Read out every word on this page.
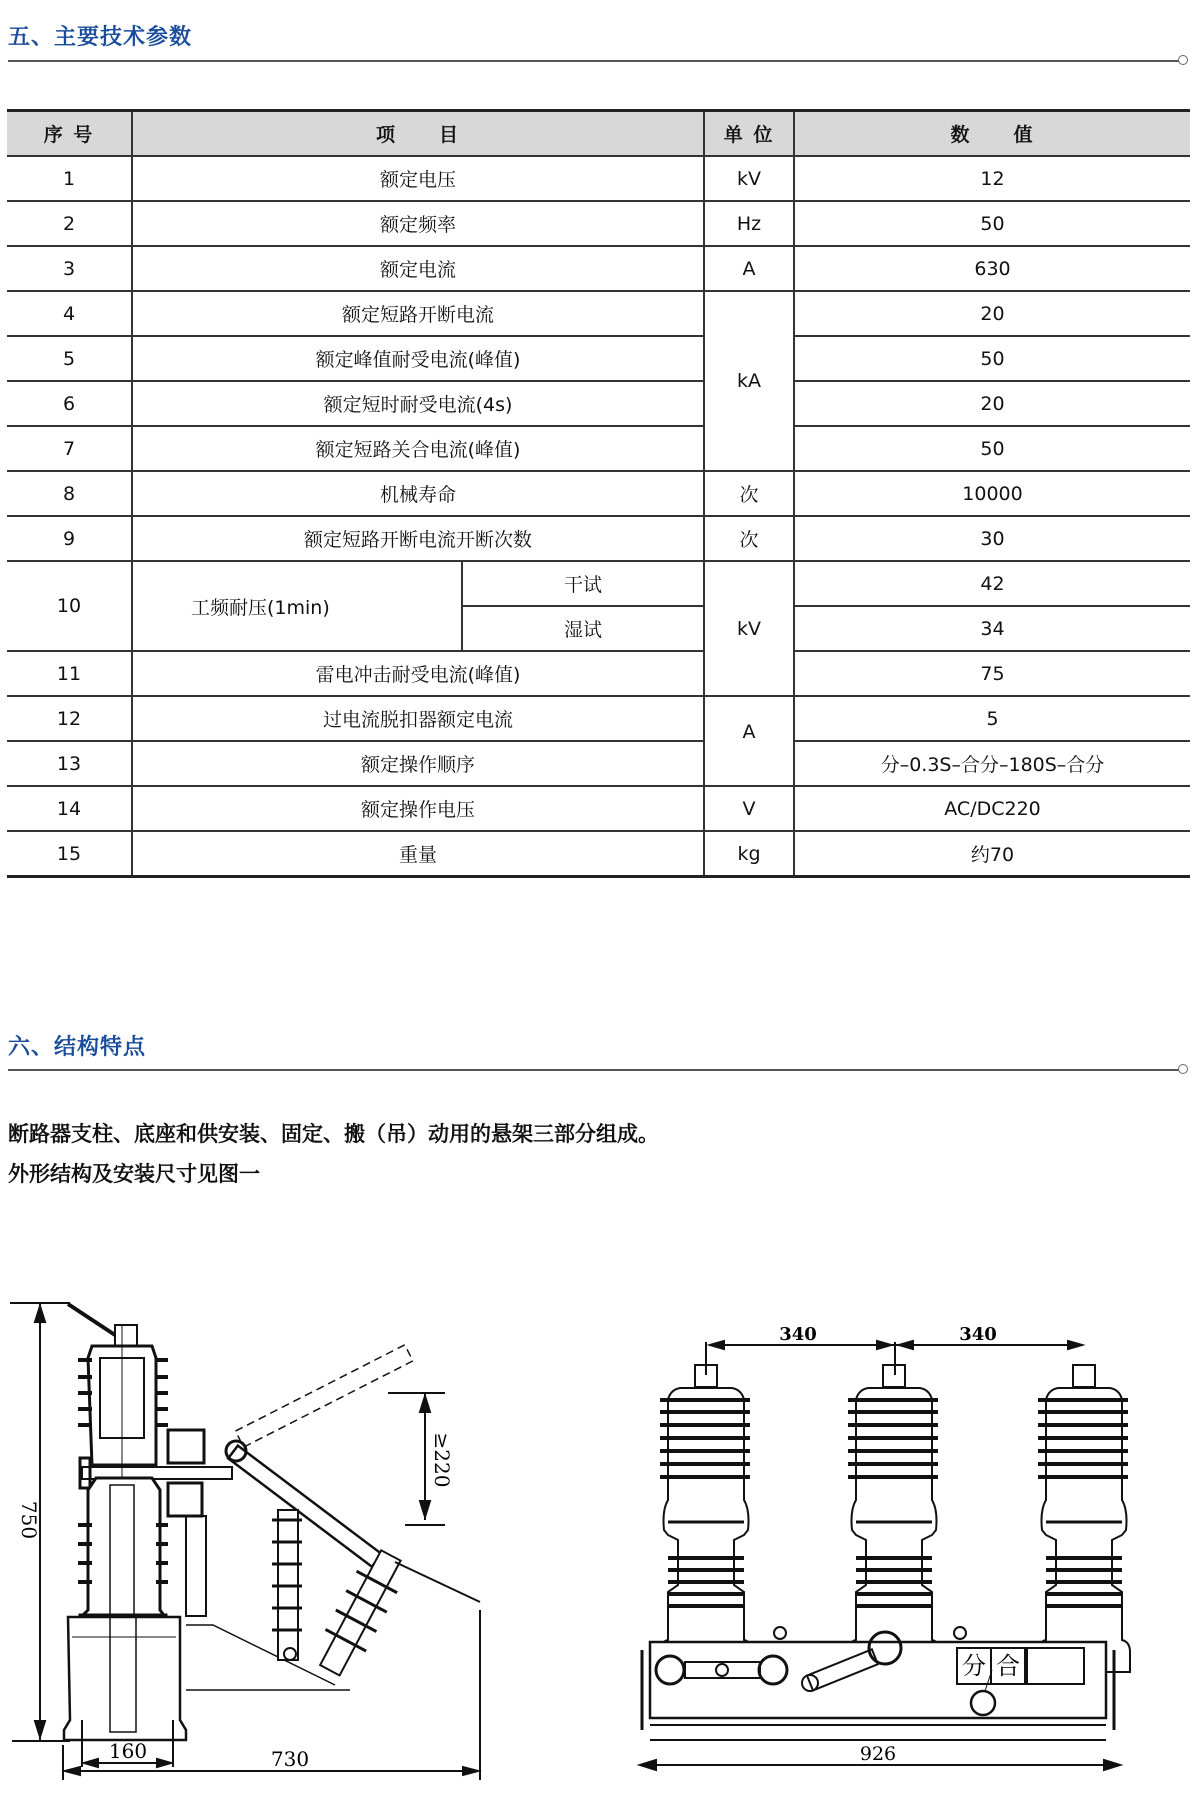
五、主要技术参数
序 号	项　　目		单 位	数　　值
1	额定电压		kV	12
2	额定频率		Hz	50
3	额定电流		A	630
4	额定短路开断电流		kA	20
5	额定峰值耐受电流(峰值)			50
6	额定短时耐受电流(4s)			20
7	额定短路关合电流(峰值)			50
8	机械寿命		次	10000
9	额定短路开断电流开断次数		次	30
10	工频耐压(1min)	干试	kV	42
		湿试		34
11	雷电冲击耐受电流(峰值)			75
12	过电流脱扣器额定电流		A	5
13	额定操作顺序			分–0.3S–合分–180S–合分
14	额定操作电压		V	AC/DC220
15	重量		kg	约70
六、结构特点
断路器支柱、底座和供安装、固定、搬（吊）动用的悬架三部分组成。
外形结构及安装尺寸见图一
750
≥220
160	730
340	340
926
分 合
